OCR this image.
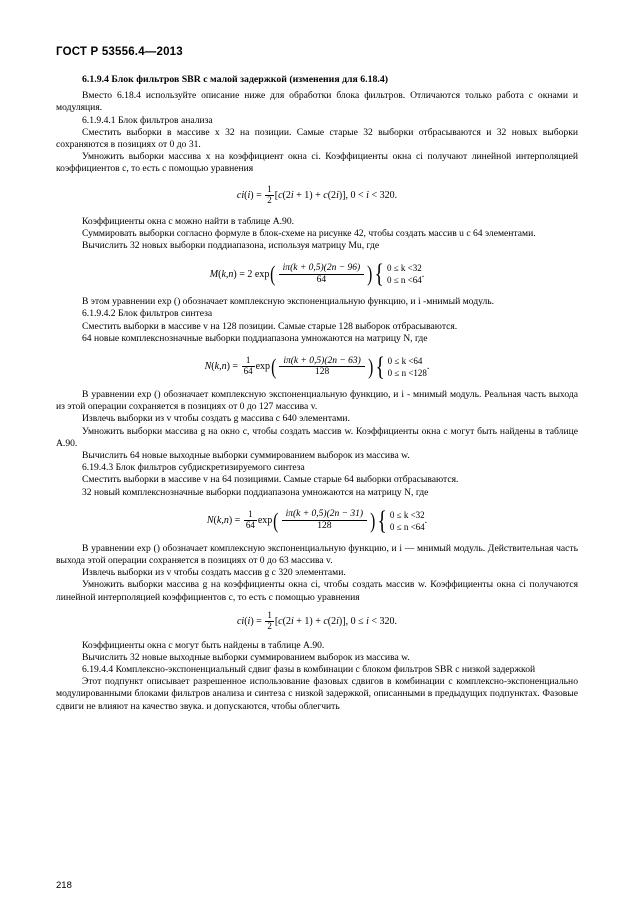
ГОСТ Р 53556.4—2013
6.1.9.4 Блок фильтров SBR с малой задержкой (изменения для 6.18.4)

Вместо 6.18.4 используйте описание ниже для обработки блока фильтров. Отличаются только работа с окнами и модуляция.

6.1.9.4.1 Блок фильтров анализа

Сместить выборки в массиве x 32 на позиции. Самые старые 32 выборки отбрасываются и 32 новых выборки сохраняются в позициях от 0 до 31.

Умножить выборки массива x на коэффициент окна ci. Коэффициенты окна ci получают линейной интерполяцией коэффициентов c, то есть с помощью уравнения

ci ( i ) = $\frac{1}{2}$ [ c (2 i + 1) + c (2 i )], 0 < i < 320.

Коэффициенты окна c можно найти в таблице А.90.

Суммировать выборки согласно формуле в блок-схеме на рисунке 42, чтобы создать массив u с 64 элементами.

Вычислить 32 новых выборки поддиапазона, используя матрицу Mu, где

M ( k,n ) = 2 exp ( $\frac{i\pi(k + 0,5)(2n - 96)}{64}$ ) { 0 ≤ k <32
0 ≤ n <64
.

В этом уравнении exp () обозначает комплексную экспоненциальную функцию, и i -мнимый модуль.

6.1.9.4.2 Блок фильтров синтеза

Сместить выборки в массиве v на 128 позиции. Самые старые 128 выборок отбрасываются.

64 новые комплекснозначные выборки поддиапазона умножаются на матрицу N, где

N ( k,n ) = $\frac{1}{64}$ exp ( $\frac{i\pi(k + 0,5)(2n - 63)}{128}$ ) { 0 ≤ k <64
0 ≤ n <128
.

В уравнении exp () обозначает комплексную экспоненциальную функцию, и i - мнимый модуль. Реальная часть выхода из этой операции сохраняется в позициях от 0 до 127 массива v.

Извлечь выборки из v чтобы создать g массива с 640 элементами.

Умножить выборки массива g на окно c, чтобы создать массив w. Коэффициенты окна c могут быть найдены в таблице А.90.

Вычислить 64 новые выходные выборки суммированием выборок из массива w.

6.19.4.3 Блок фильтров субдискретизируемого синтеза

Сместить выборки в массиве v на 64 позициями. Самые старые 64 выборки отбрасываются.

32 новый комплекснозначные выборки поддиапазона умножаются на матрицу N, где

N ( k,n ) = $\frac{1}{64}$ exp ( $\frac{i\pi(k + 0,5)(2n - 31)}{128}$ ) { 0 ≤ k <32
0 ≤ n <64
.

В уравнении exp () обозначает комплексную экспоненциальную функцию, и i — мнимый модуль. Действительная часть выхода этой операции сохраняется в позициях от 0 до 63 массива v.

Извлечь выборки из v чтобы создать массив g с 320 элементами.

Умножить выборки массива g на коэффициенты окна ci, чтобы создать массив w. Коэффициенты окна ci получаются линейной интерполяцией коэффициентов c, то есть с помощью уравнения

ci ( i ) = $\frac{1}{2}$ [ c (2 i + 1) + c (2 i )], 0 ≤ i < 320.

Коэффициенты окна c могут быть найдены в таблице А.90.

Вычислить 32 новые выходные выборки суммированием выборок из массива w.

6.19.4.4 Комплексно-экспоненциальный сдвиг фазы в комбинации с блоком фильтров SBR с низкой задержкой

Этот подпункт описывает разрешенное использование фазовых сдвигов в комбинации с комплексно-экспоненциально модулированными блоками фильтров анализа и синтеза с низкой задержкой, описанными в предыдущих подпунктах. Фазовые сдвиги не влияют на качество звука. и допускаются, чтобы облегчить

218
